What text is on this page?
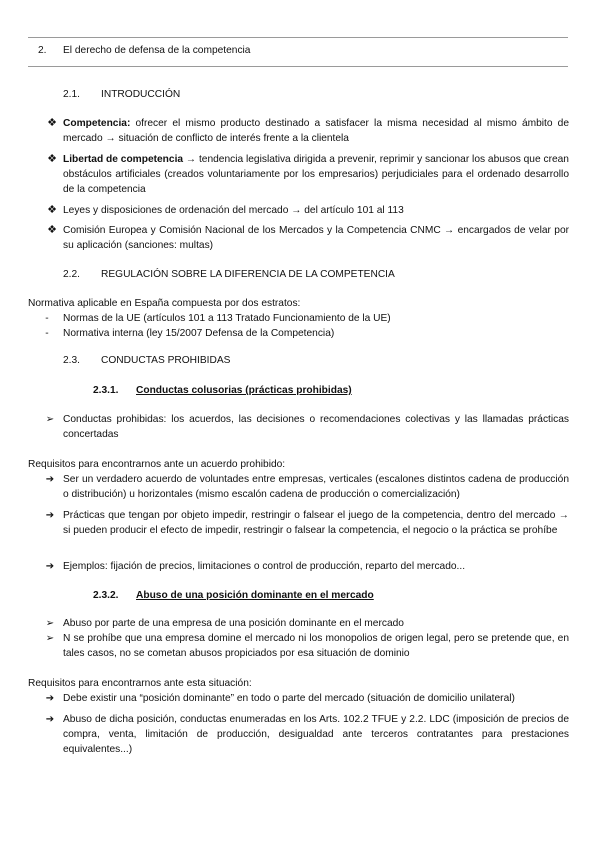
2. El derecho de defensa de la competencia
2.1. INTRODUCCIÓN
❖ Competencia: ofrecer el mismo producto destinado a satisfacer la misma necesidad al mismo ámbito de mercado → situación de conflicto de interés frente a la clientela
❖ Libertad de competencia → tendencia legislativa dirigida a prevenir, reprimir y sancionar los abusos que crean obstáculos artificiales (creados voluntariamente por los empresarios) perjudiciales para el ordenado desarrollo de la competencia
❖ Leyes y disposiciones de ordenación del mercado → del artículo 101 al 113
❖ Comisión Europea y Comisión Nacional de los Mercados y la Competencia CNMC → encargados de velar por su aplicación (sanciones: multas)
2.2. REGULACIÓN SOBRE LA DIFERENCIA DE LA COMPETENCIA
Normativa aplicable en España compuesta por dos estratos:
-	Normas de la UE (artículos 101 a 113 Tratado Funcionamiento de la UE)
-	Normativa interna (ley 15/2007 Defensa de la Competencia)
2.3. CONDUCTAS PROHIBIDAS
2.3.1. Conductas colusorias (prácticas prohibidas)
➢ Conductas prohibidas: los acuerdos, las decisiones o recomendaciones colectivas y las llamadas prácticas concertadas
Requisitos para encontrarnos ante un acuerdo prohibido:
➔ Ser un verdadero acuerdo de voluntades entre empresas, verticales (escalones distintos cadena de producción o distribución) u horizontales (mismo escalón cadena de producción o comercialización)
➔ Prácticas que tengan por objeto impedir, restringir o falsear el juego de la competencia, dentro del mercado → si pueden producir el efecto de impedir, restringir o falsear la competencia, el negocio o la práctica se prohíbe
➔ Ejemplos: fijación de precios, limitaciones o control de producción, reparto del mercado...
2.3.2. Abuso de una posición dominante en el mercado
➢ Abuso por parte de una empresa de una posición dominante en el mercado
➢ N se prohíbe que una empresa domine el mercado ni los monopolios de origen legal, pero se pretende que, en tales casos, no se cometan abusos propiciados por esa situación de dominio
Requisitos para encontrarnos ante esta situación:
➔ Debe existir una “posición dominante” en todo o parte del mercado (situación de domicilio unilateral)
➔ Abuso de dicha posición, conductas enumeradas en los Arts. 102.2 TFUE y 2.2. LDC (imposición de precios de compra, venta, limitación de producción, desigualdad ante terceros contratantes para prestaciones equivalentes...)
